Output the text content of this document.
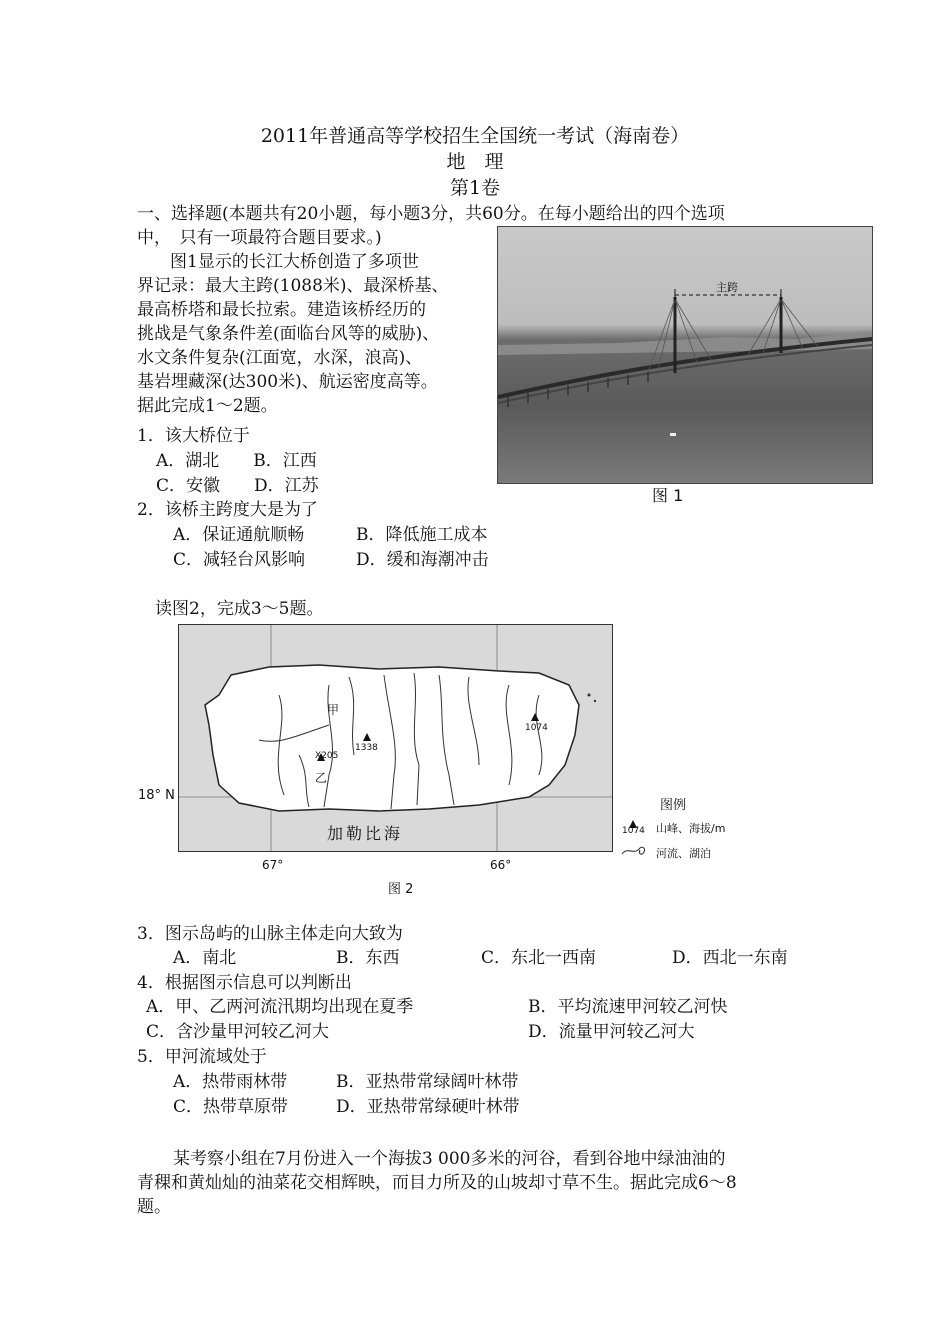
2011年普通高等学校招生全国统一考试（海南卷）
地　理
第1卷
一、选择题(本题共有20小题，每小题3分，共60分。在每小题给出的四个选项
中，　只有一项最符合题目要求。)
图1显示的长江大桥创造了多项世
界记录：最大主跨(1088米)、最深桥基、
最高桥塔和最长拉索。建造该桥经历的
挑战是气象条件差(面临台风等的威胁)、
水文条件复杂(江面宽，水深，浪高)、
基岩埋藏深(达300米)、航运密度高等。
据此完成1～2题。
主跨
图 1
1．该大桥位于
A．湖北　　B．江西
C．安徽　　D．江苏
2．该桥主跨度大是为了
A．保证通航顺畅	B．降低施工成本
C．减轻台风影响	D．缓和海潮冲击
读图2，完成3～5题。
甲
乙
1338
1074
X205
加勒比海
18° N
67°	66°
图 2
图例
1074 山峰、海拔/m
河流、湖泊
3．图示岛屿的山脉主体走向大致为
A．南北	B．东西	C．东北一西南	D．西北一东南
4．根据图示信息可以判断出
A．甲、乙两河流汛期均出现在夏季	B．平均流速甲河较乙河快
C．含沙量甲河较乙河大	D．流量甲河较乙河大
5．甲河流域处于
A．热带雨林带	B．亚热带常绿阔叶林带
C．热带草原带	D．亚热带常绿硬叶林带
某考察小组在7月份进入一个海拔3 000多米的河谷，看到谷地中绿油油的
青稞和黄灿灿的油菜花交相辉映，而目力所及的山坡却寸草不生。据此完成6～8
题。
